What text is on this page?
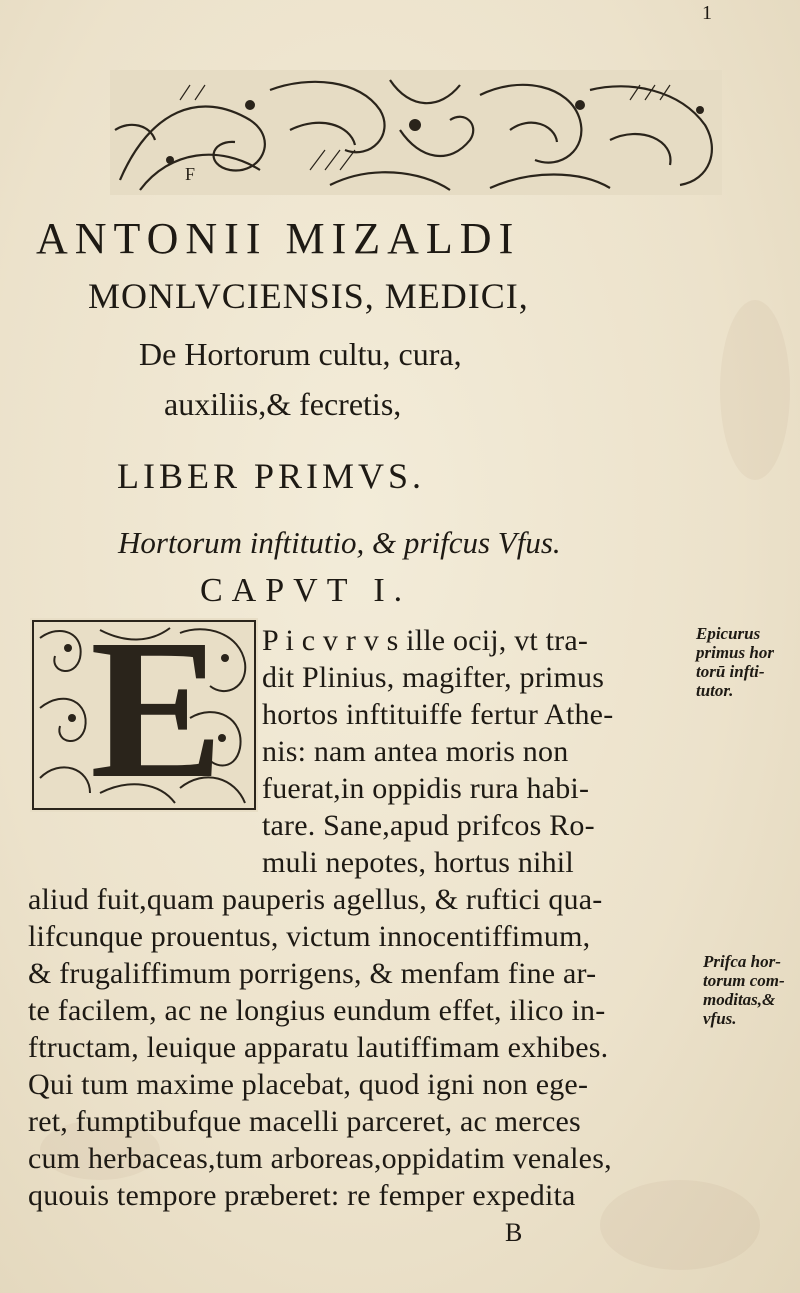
1
F
ANTONII MIZALDI
MONLVCIENSIS, MEDICI,
De Hortorum cultu, cura,
auxiliis,& fecretis,
LIBER PRIMVS.
Hortorum inftitutio, & prifcus Vfus.
CAPVT I.
E P i c v r v s ille ocij, vt tra-
dit Plinius, magifter, primus
hortos inftituiffe fertur Athe-
nis: nam antea moris non
fuerat,in oppidis rura habi-
tare. Sane,apud prifcos Ro-
muli nepotes, hortus nihil
aliud fuit,quam pauperis agellus, & ruftici qua-
lifcunque prouentus, victum innocentiffimum,
& frugaliffimum porrigens, & menfam fine ar-
te facilem, ac ne longius eundum effet, ilico in-
ftructam, leuique apparatu lautiffimam exhibes.
Qui tum maxime placebat, quod igni non ege-
ret, fumptibufque macelli parceret, ac merces
cum herbaceas,tum arboreas,oppidatim venales,
quouis tempore præberet: re femper expedita
B
Epicurus
primus hor
torū infti-
tutor.
Prifca hor-
torum com-
moditas,&
vfus.
